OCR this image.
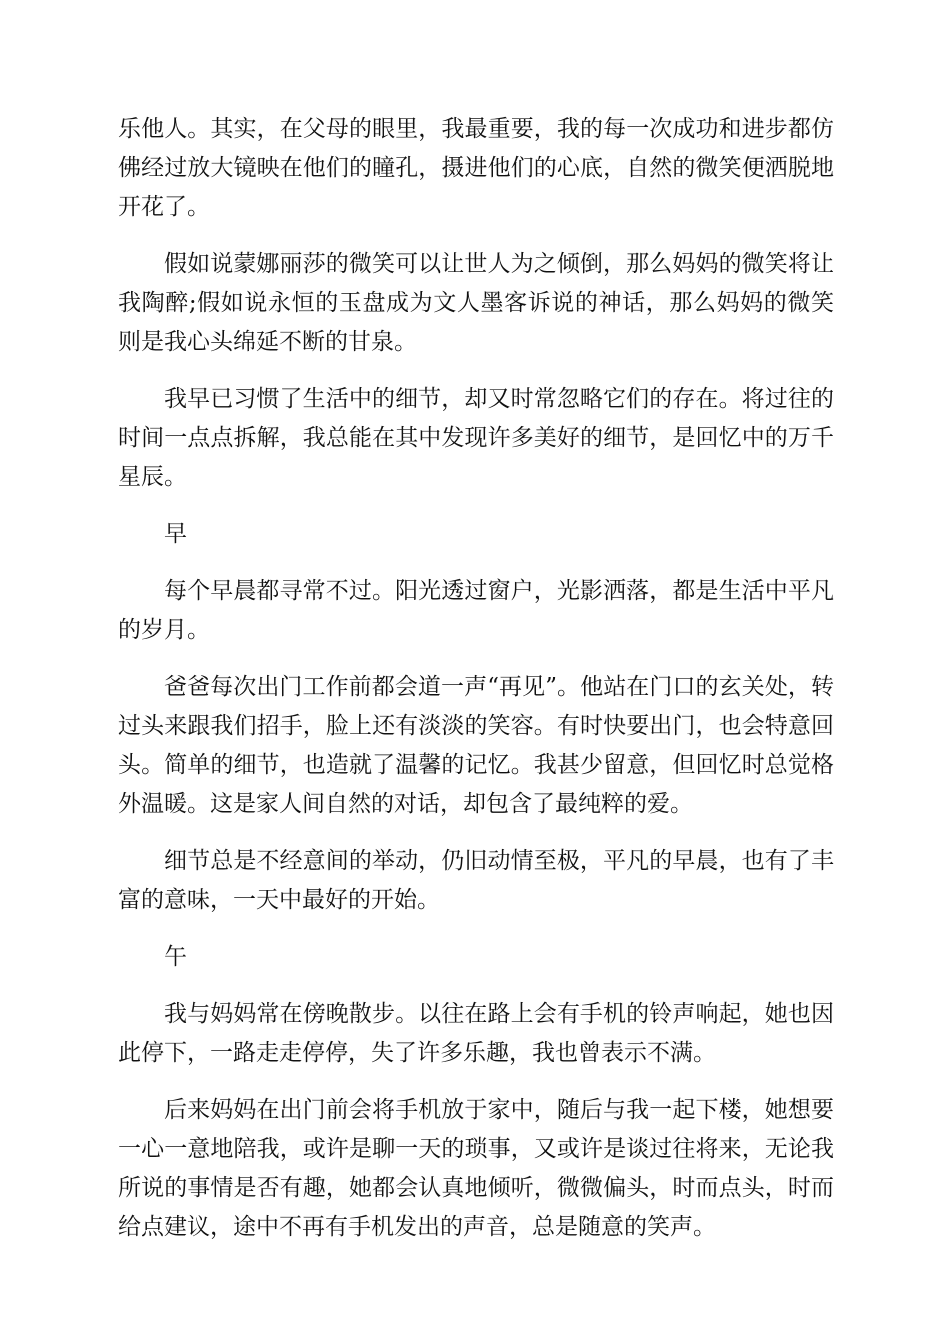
乐他人。其实，在父母的眼里，我最重要，我的每一次成功和进步都仿佛经过放大镜映在他们的瞳孔，摄进他们的心底，自然的微笑便洒脱地开花了。

假如说蒙娜丽莎的微笑可以让世人为之倾倒，那么妈妈的微笑将让我陶醉;假如说永恒的玉盘成为文人墨客诉说的神话，那么妈妈的微笑则是我心头绵延不断的甘泉。

我早已习惯了生活中的细节，却又时常忽略它们的存在。将过往的时间一点点拆解，我总能在其中发现许多美好的细节，是回忆中的万千星辰。

早

每个早晨都寻常不过。阳光透过窗户，光影洒落，都是生活中平凡的岁月。

爸爸每次出门工作前都会道一声“再见”。他站在门口的玄关处，转过头来跟我们招手，脸上还有淡淡的笑容。有时快要出门，也会特意回头。简单的细节，也造就了温馨的记忆。我甚少留意，但回忆时总觉格外温暖。这是家人间自然的对话，却包含了最纯粹的爱。

细节总是不经意间的举动，仍旧动情至极，平凡的早晨，也有了丰富的意味，一天中最好的开始。

午

我与妈妈常在傍晚散步。以往在路上会有手机的铃声响起，她也因此停下，一路走走停停，失了许多乐趣，我也曾表示不满。

后来妈妈在出门前会将手机放于家中，随后与我一起下楼，她想要一心一意地陪我，或许是聊一天的琐事，又或许是谈过往将来，无论我所说的事情是否有趣，她都会认真地倾听，微微偏头，时而点头，时而给点建议，途中不再有手机发出的声音，总是随意的笑声。
